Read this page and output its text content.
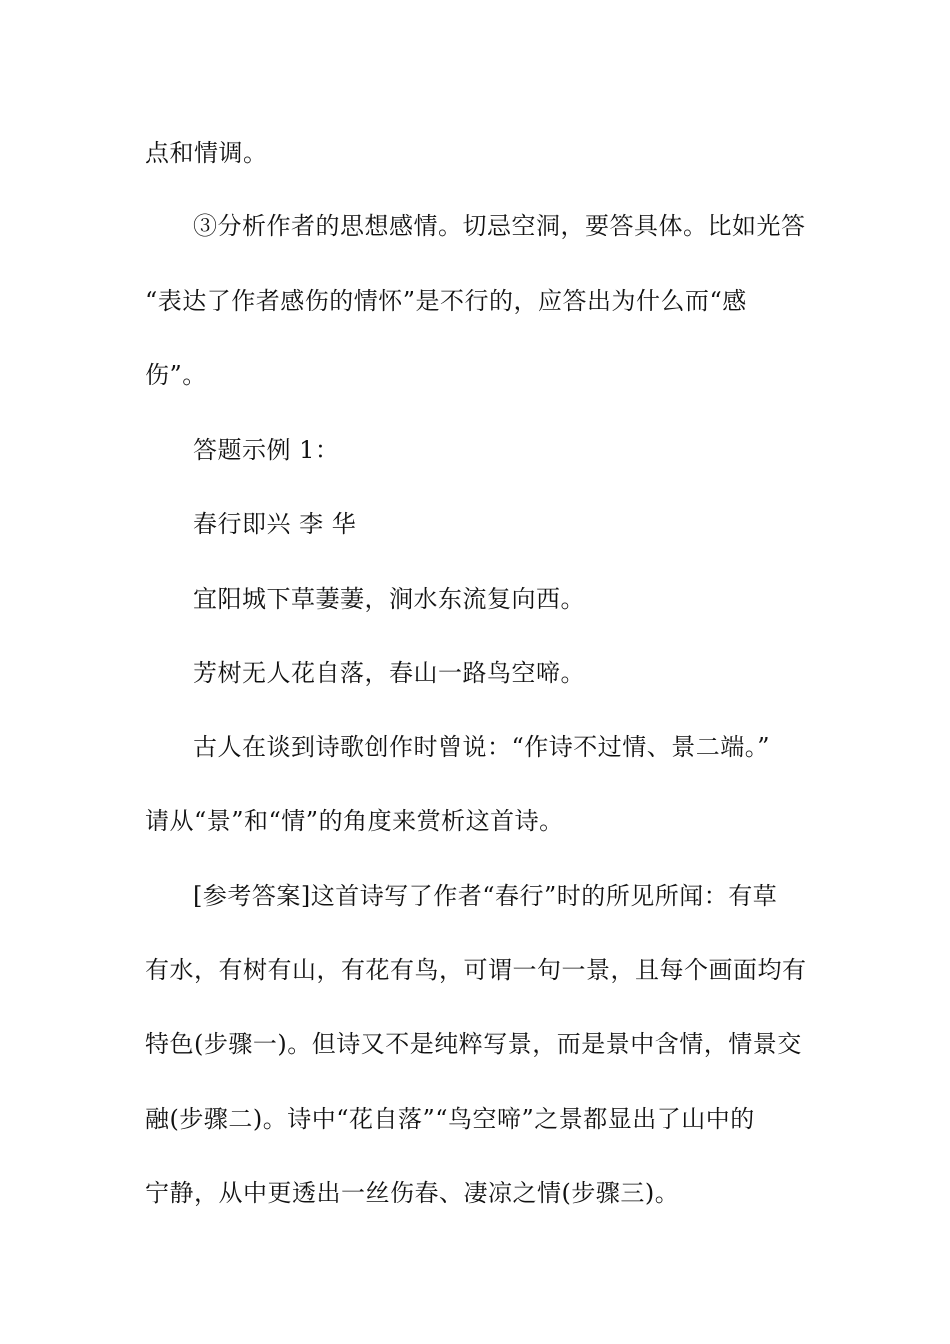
点和情调。
③分析作者的思想感情。切忌空洞，要答具体。比如光答
“表达了作者感伤的情怀”是不行的，应答出为什么而“感
伤”。
答题示例 1：
春行即兴 李 华
宜阳城下草萋萋，涧水东流复向西。
芳树无人花自落，春山一路鸟空啼。
古人在谈到诗歌创作时曾说：“作诗不过情、景二端。”
请从“景”和“情”的角度来赏析这首诗。
[参考答案]这首诗写了作者“春行”时的所见所闻：有草
有水，有树有山，有花有鸟，可谓一句一景，且每个画面均有
特色(步骤一)。但诗又不是纯粹写景，而是景中含情，情景交
融(步骤二)。诗中“花自落”“鸟空啼”之景都显出了山中的
宁静，从中更透出一丝伤春、凄凉之情(步骤三)。
